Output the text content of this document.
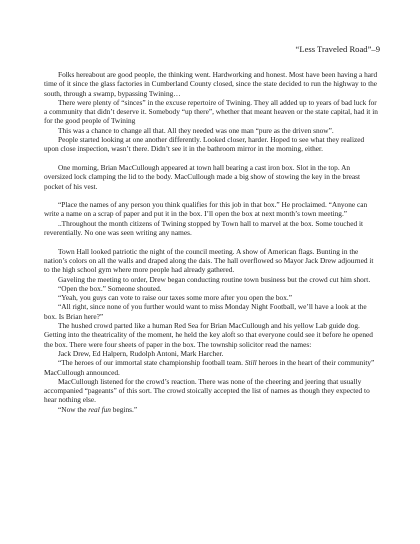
“Less Traveled Road”–9

Folks hereabout are good people, the thinking went. Hardworking and honest. Most have been having a hard time of it since the glass factories in Cumberland County closed, since the state decided to run the highway to the south, through a swamp, bypassing Twining…

There were plenty of “sinces” in the excuse repertoire of Twining. They all added up to years of bad luck for a community that didn’t deserve it. Somebody “up there”, whether that meant heaven or the state capital, had it in for the good people of Twining

This was a chance to change all that. All they needed was one man “pure as the driven snow”.

People started looking at one another differently. Looked closer, harder. Hoped to see what they realized upon close inspection, wasn’t there. Didn’t see it in the bathroom mirror in the morning, either.

One morning, Brian MacCullough appeared at town hall bearing a cast iron box. Slot in the top. An oversized lock clamping the lid to the body. MacCullough made a big show of stowing the key in the breast pocket of his vest.

“Place the names of any person you think qualifies for this job in that box.” He proclaimed. “Anyone can write a name on a scrap of paper and put it in the box. I’ll open the box at next month’s town meeting.”

..Throughout the month citizens of Twining stopped by Town hall to marvel at the box. Some touched it reverentially. No one was seen writing any names.

Town Hall looked patriotic the night of the council meeting. A show of American flags. Bunting in the nation’s colors on all the walls and draped along the dais. The hall overflowed so Mayor Jack Drew adjourned it to the high school gym where more people had already gathered.

Gaveling the meeting to order, Drew began conducting routine town business but the crowd cut him short.

“Open the box.” Someone shouted.

“Yeah, you guys can vote to raise our taxes some more after you open the box.”

“All right, since none of you further would want to miss Monday Night Football, we’ll have a look at the box. Is Brian here?”

The hushed crowd parted like a human Red Sea for Brian MacCullough and his yellow Lab guide dog. Getting into the theatricality of the moment, he held the key aloft so that everyone could see it before he opened the box. There were four sheets of paper in the box. The township solicitor read the names:

Jack Drew, Ed Halpern, Rudolph Antoni, Mark Harcher.

“The heroes of our immortal state championship football team. Still heroes in the heart of their community” MacCullough announced.

MacCullough listened for the crowd’s reaction. There was none of the cheering and jeering that usually accompanied “pageants” of this sort. The crowd stoically accepted the list of names as though they expected to hear nothing else.

“Now the real fun begins.”
